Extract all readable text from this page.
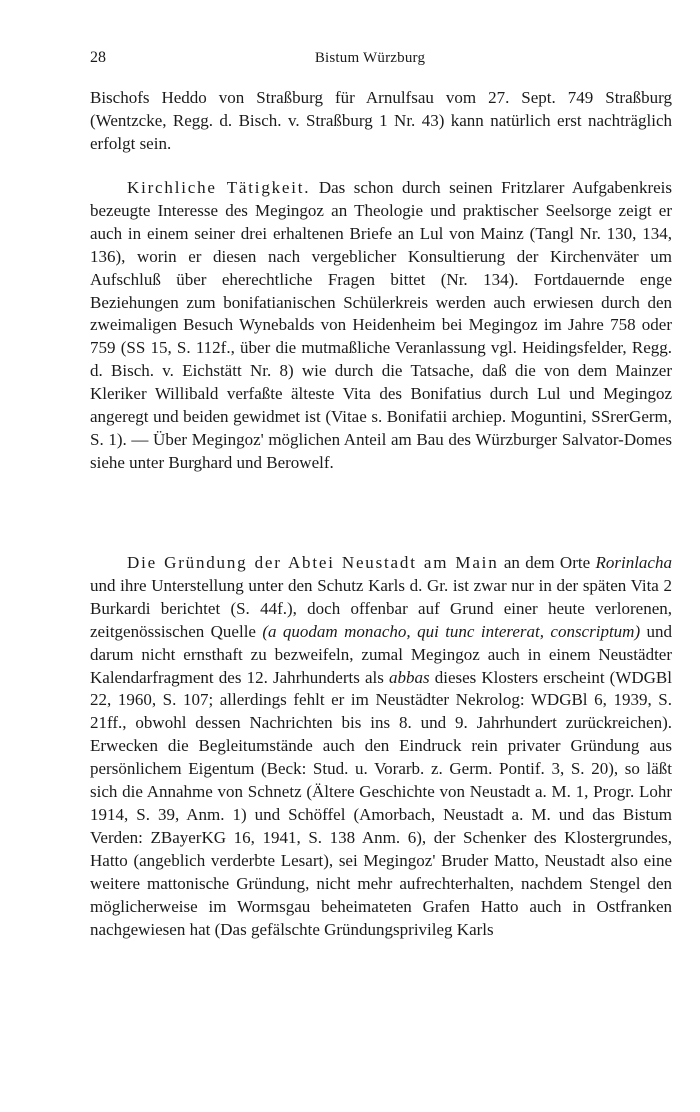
28	Bistum Würzburg

Bischofs Heddo von Straßburg für Arnulfsau vom 27. Sept. 749 Straßburg (Wentzcke, Regg. d. Bisch. v. Straßburg 1 Nr. 43) kann natürlich erst nachträglich erfolgt sein.

Kirchliche Tätigkeit. Das schon durch seinen Fritzlarer Aufgabenkreis bezeugte Interesse des Megingoz an Theologie und praktischer Seelsorge zeigt er auch in einem seiner drei erhaltenen Briefe an Lul von Mainz (Tangl Nr. 130, 134, 136), worin er diesen nach vergeblicher Konsultierung der Kirchenväter um Aufschluß über eherechtliche Fragen bittet (Nr. 134). Fortdauernde enge Beziehungen zum bonifatianischen Schülerkreis werden auch erwiesen durch den zweimaligen Besuch Wynebalds von Heidenheim bei Megingoz im Jahre 758 oder 759 (SS 15, S. 112f., über die mutmaßliche Veranlassung vgl. Heidingsfelder, Regg. d. Bisch. v. Eichstätt Nr. 8) wie durch die Tatsache, daß die von dem Mainzer Kleriker Willibald verfaßte älteste Vita des Bonifatius durch Lul und Megingoz angeregt und beiden gewidmet ist (Vitae s. Bonifatii archiep. Moguntini, SSrerGerm, S. 1). — Über Megingoz' möglichen Anteil am Bau des Würzburger Salvator-Domes siehe unter Burghard und Berowelf.

Die Gründung der Abtei Neustadt am Main an dem Orte Rorinlacha und ihre Unterstellung unter den Schutz Karls d. Gr. ist zwar nur in der späten Vita 2 Burkardi berichtet (S. 44f.), doch offenbar auf Grund einer heute verlorenen, zeitgenössischen Quelle (a quodam monacho, qui tunc intererat, conscriptum) und darum nicht ernsthaft zu bezweifeln, zumal Megingoz auch in einem Neustädter Kalendarfragment des 12. Jahrhunderts als abbas dieses Klosters erscheint (WDGBl 22, 1960, S. 107; allerdings fehlt er im Neustädter Nekrolog: WDGBl 6, 1939, S. 21ff., obwohl dessen Nachrichten bis ins 8. und 9. Jahrhundert zurückreichen). Erwecken die Begleitumstände auch den Eindruck rein privater Gründung aus persönlichem Eigentum (Beck: Stud. u. Vorarb. z. Germ. Pontif. 3, S. 20), so läßt sich die Annahme von Schnetz (Ältere Geschichte von Neustadt a. M. 1, Progr. Lohr 1914, S. 39, Anm. 1) und Schöffel (Amorbach, Neustadt a. M. und das Bistum Verden: ZBayerKG 16, 1941, S. 138 Anm. 6), der Schenker des Klostergrundes, Hatto (angeblich verderbte Lesart), sei Megingoz' Bruder Matto, Neustadt also eine weitere mattonische Gründung, nicht mehr aufrechterhalten, nachdem Stengel den möglicherweise im Wormsgau beheimateten Grafen Hatto auch in Ostfranken nachgewiesen hat (Das gefälschte Gründungsprivileg Karls
